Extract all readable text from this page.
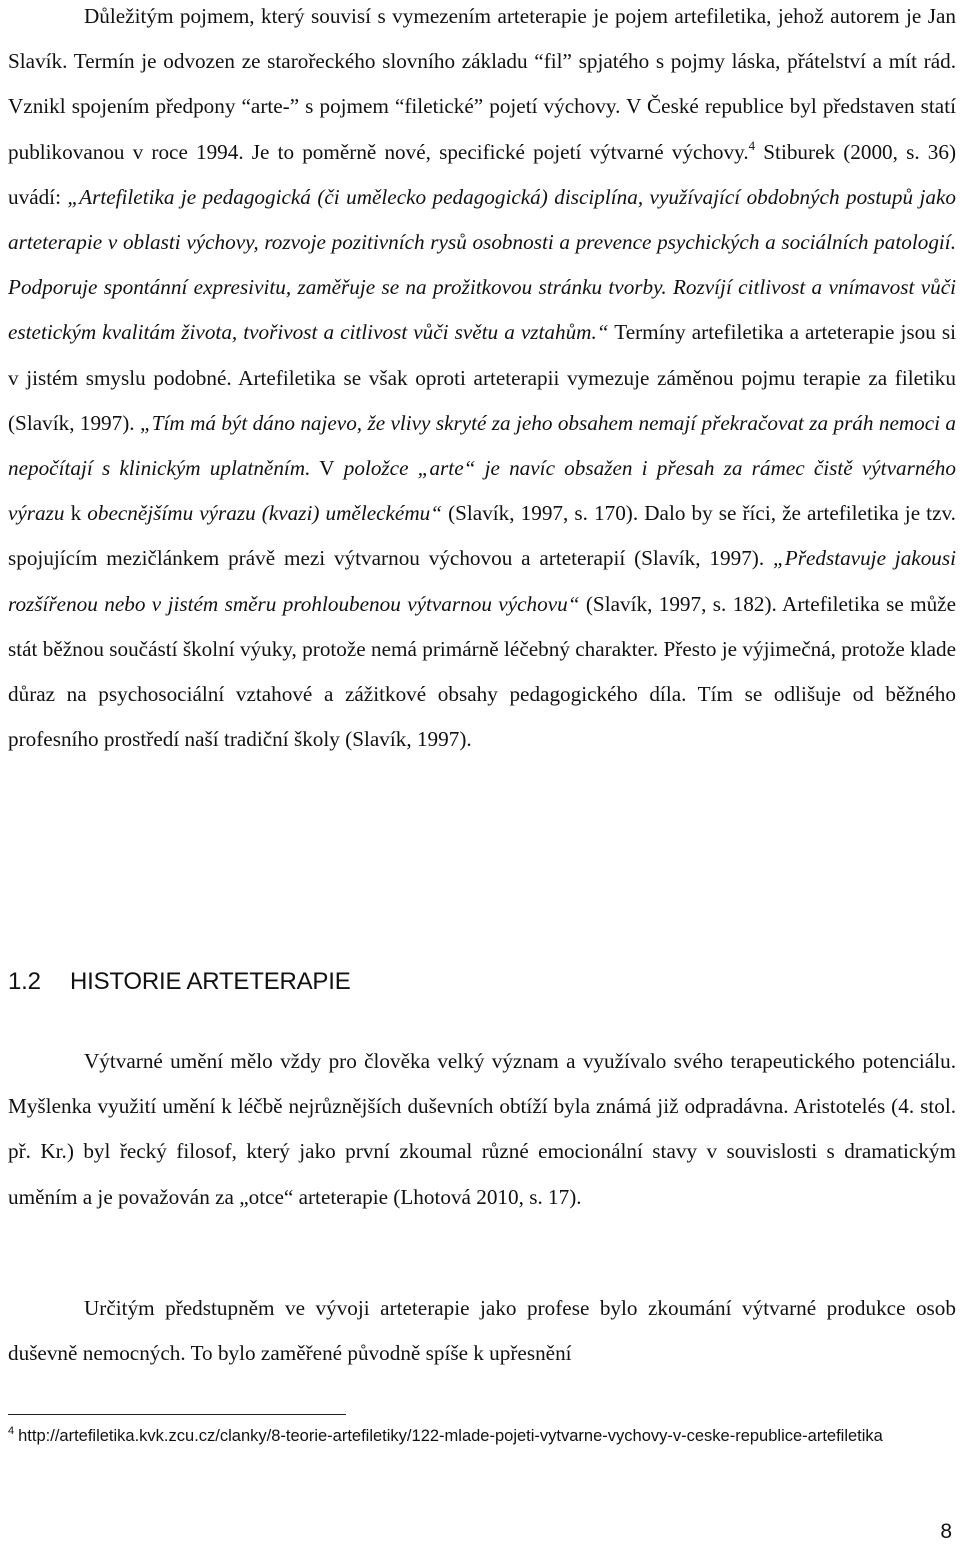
Důležitým pojmem, který souvisí s vymezením arteterapie je pojem artefiletika, jehož autorem je Jan Slavík. Termín je odvozen ze starořeckého slovního základu “fil” spjatého s pojmy láska, přátelství a mít rád. Vznikl spojením předpony “arte-” s pojmem “filetické” pojetí výchovy. V České republice byl představen statí publikovanou v roce 1994. Je to poměrně nové, specifické pojetí výtvarné výchovy.$^4$ Stiburek (2000, s. 36) uvádí: „Artefiletika je pedagogická (či umělecko pedagogická) disciplína, využívající obdobných postupů jako arteterapie v oblasti výchovy, rozvoje pozitivních rysů osobnosti a prevence psychických a sociálních patologií. Podporuje spontánní expresivitu, zaměřuje se na prožitkovou stránku tvorby. Rozvíjí citlivost a vnímavost vůči estetickým kvalitám života, tvořivost a citlivost vůči světu a vztahům.“ Termíny artefiletika a arteterapie jsou si v jistém smyslu podobné. Artefiletika se však oproti arteterapii vymezuje záměnou pojmu terapie za filetiku (Slavík, 1997). „Tím má být dáno najevo, že vlivy skryté za jeho obsahem nemají překračovat za práh nemoci a nepočítají s klinickým uplatněním. V položce „arte“ je navíc obsažen i přesah za rámec čistě výtvarného výrazu k obecnějšímu výrazu (kvazi) uměleckému“ (Slavík, 1997, s. 170). Dalo by se říci, že artefiletika je tzv. spojujícím mezičlánkem právě mezi výtvarnou výchovou a arteterapií (Slavík, 1997). „Představuje jakousi rozšířenou nebo v jistém směru prohloubenou výtvarnou výchovu“ (Slavík, 1997, s. 182). Artefiletika se může stát běžnou součástí školní výuky, protože nemá primárně léčebný charakter. Přesto je výjimečná, protože klade důraz na psychosociální vztahové a zážitkové obsahy pedagogického díla. Tím se odlišuje od běžného profesního prostředí naší tradiční školy (Slavík, 1997).

1.2 HISTORIE ARTETERAPIE

Výtvarné umění mělo vždy pro člověka velký význam a využívalo svého terapeutického potenciálu. Myšlenka využití umění k léčbě nejrůznějších duševních obtíží byla známá již odpradávna. Aristotelés (4. stol. př. Kr.) byl řecký filosof, který jako první zkoumal různé emocionální stavy v souvislosti s dramatickým uměním a je považován za „otce“ arteterapie (Lhotová 2010, s. 17).

Určitým předstupněm ve vývoji arteterapie jako profese bylo zkoumání výtvarné produkce osob duševně nemocných. To bylo zaměřené původně spíše k upřesnění

$^4$ http://artefiletika.kvk.zcu.cz/clanky/8-teorie-artefiletiky/122-mlade-pojeti-vytvarne-vychovy-v-ceske-republice-artefiletika
8
